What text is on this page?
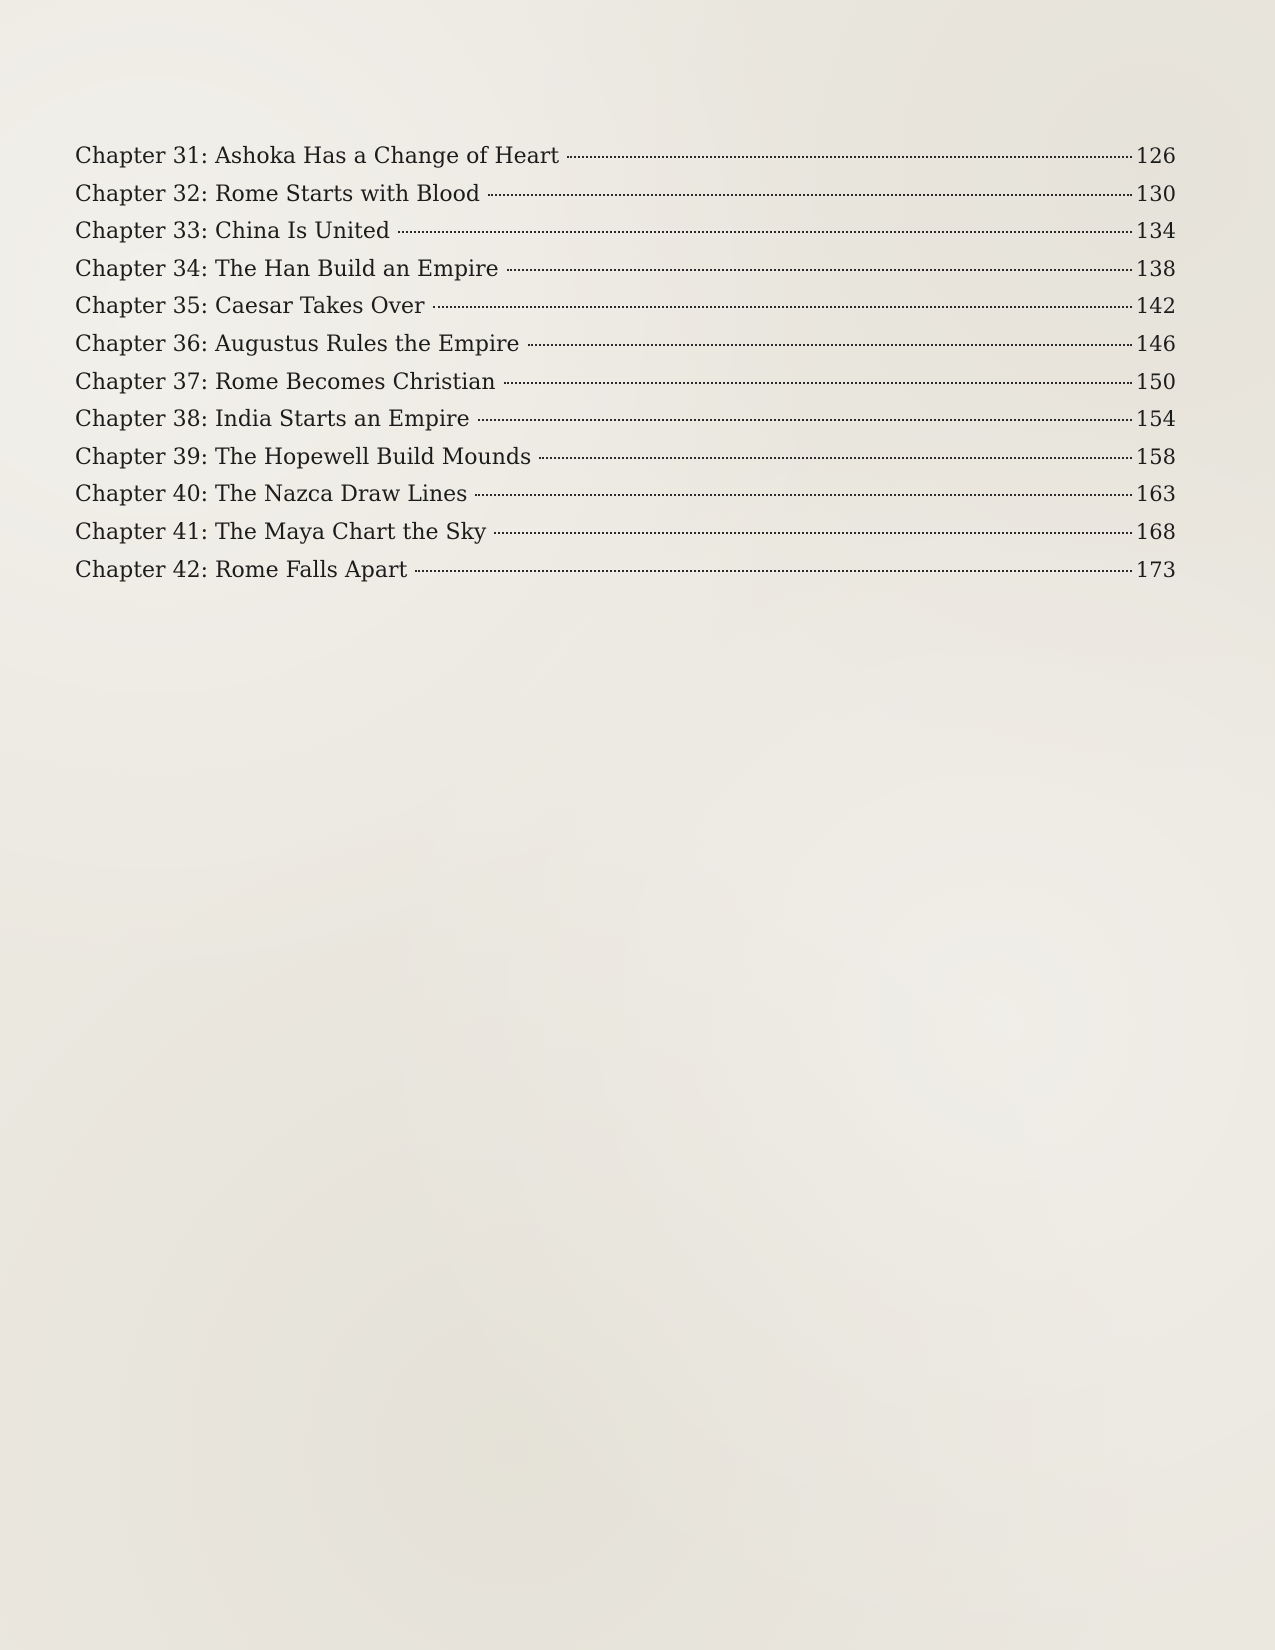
Chapter 31: Ashoka Has a Change of Heart	126
Chapter 32: Rome Starts with Blood	130
Chapter 33: China Is United	134
Chapter 34: The Han Build an Empire	138
Chapter 35: Caesar Takes Over	142
Chapter 36: Augustus Rules the Empire	146
Chapter 37: Rome Becomes Christian	150
Chapter 38: India Starts an Empire	154
Chapter 39: The Hopewell Build Mounds	158
Chapter 40: The Nazca Draw Lines	163
Chapter 41: The Maya Chart the Sky	168
Chapter 42: Rome Falls Apart	173
